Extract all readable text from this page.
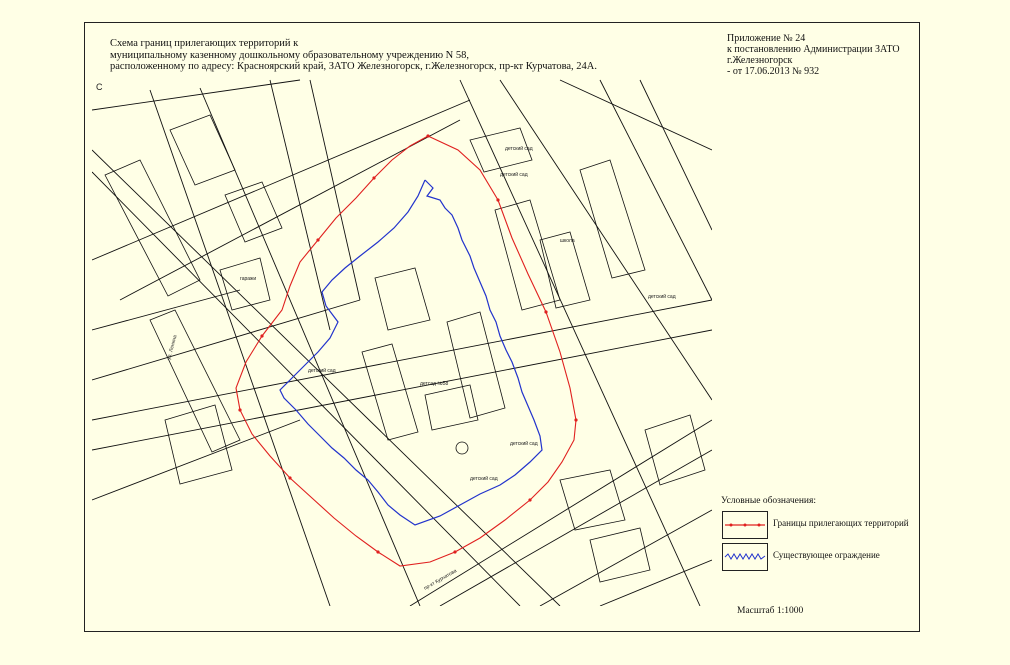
Схема границ прилегающих территорий к
муниципальному казенному дошкольному образовательному учреждению N 58,
расположенному по адресу: Красноярский край, ЗАТО Железногорск, г.Железногорск, пр-кт Курчатова, 24А.
Приложение № 24
к постановлению Администрации ЗАТО
г.Железногорск
- от 17.06.2013 № 932
детский сад
детский сад
детский сад
детский сад
детский сад
детский сад
детсад №58
школа
гаражи
пр-кт Курчатова
ул. Ленина
С
Условные обозначения:
Границы прилегающих территорий
Существующее ограждение
Масштаб 1:1000
